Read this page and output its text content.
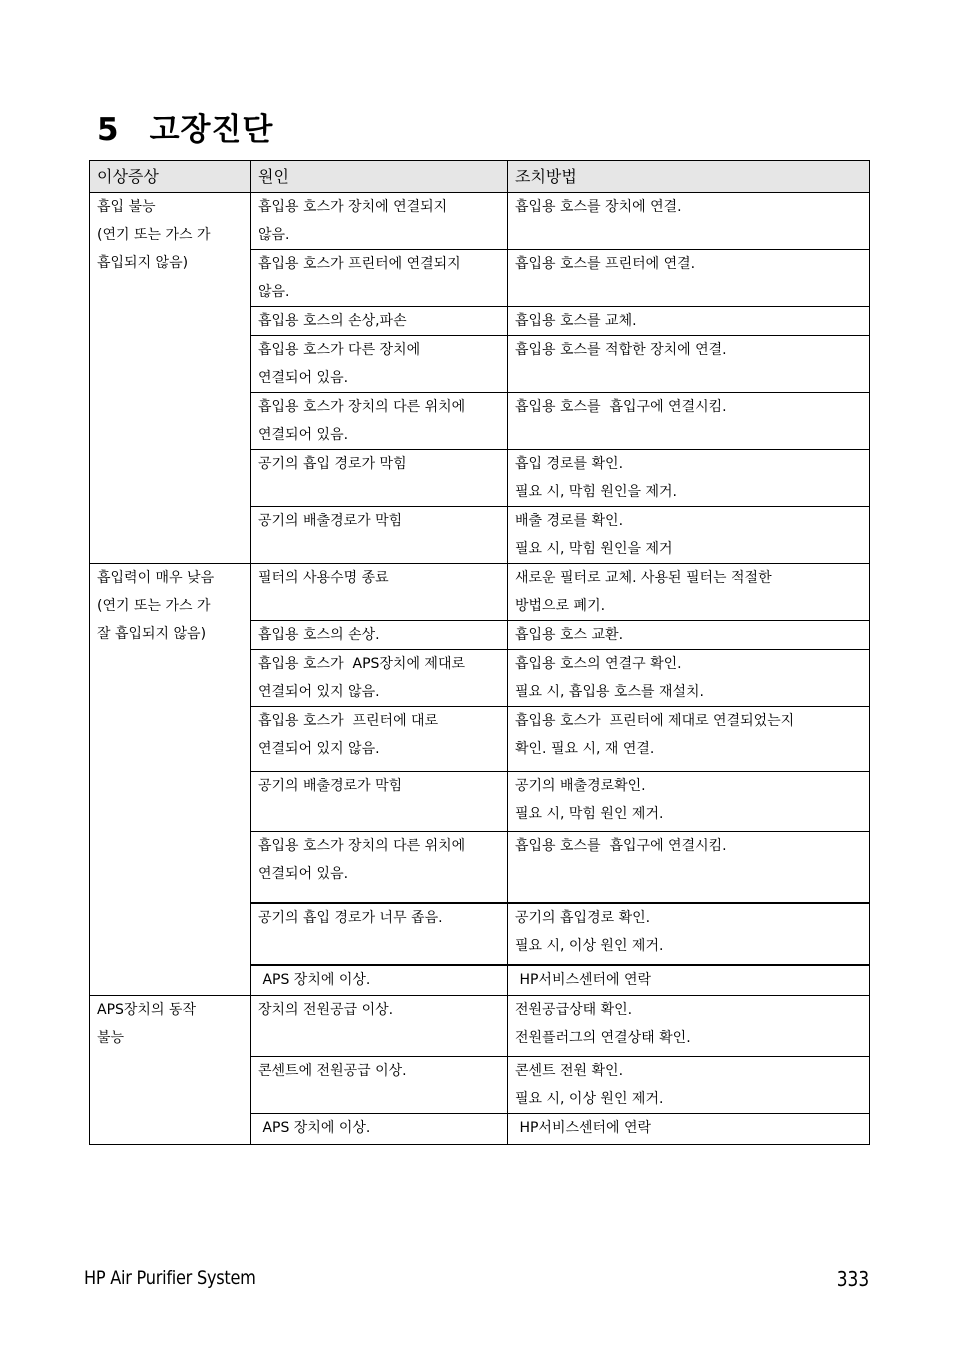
5 고장진단
이상증상	원인	조치방법

흡입 불능
(연기 또는 가스 가
흡입되지 않음)	흡입용 호스가 장치에 연결되지
않음.	흡입용 호스를 장치에 연결.

	흡입용 호스가 프린터에 연결되지
않음.	흡입용 호스를 프린터에 연결.

	흡입용 호스의 손상,파손	흡입용 호스를 교체.

	흡입용 호스가 다른 장치에
연결되어 있음.	흡입용 호스를 적합한 장치에 연결.

	흡입용 호스가 장치의 다른 위치에
연결되어 있음.	흡입용 호스를  흡입구에 연결시킴.

	공기의 흡입 경로가 막힘	흡입 경로를 확인.
필요 시, 막힘 원인을 제거.

	공기의 배출경로가 막힘	배출 경로를 확인.
필요 시, 막힘 원인을 제거

흡입력이 매우 낮음
(연기 또는 가스 가
잘 흡입되지 않음)	필터의 사용수명 종료	새로운 필터로 교체. 사용된 필터는 적절한
방법으로 폐기.

	흡입용 호스의 손상.	흡입용 호스 교환.

	흡입용 호스가  APS장치에 제대로
연결되어 있지 않음.	흡입용 호스의 연결구 확인.
필요 시, 흡입용 호스를 재설치.

	흡입용 호스가  프린터에 대로
연결되어 있지 않음.	흡입용 호스가  프린터에 제대로 연결되었는지
확인. 필요 시, 재 연결.

	공기의 배출경로가 막힘	공기의 배출경로확인.
필요 시, 막힘 원인 제거.

	흡입용 호스가 장치의 다른 위치에
연결되어 있음.	흡입용 호스를  흡입구에 연결시킴.

	공기의 흡입 경로가 너무 좁음.	공기의 흡입경로 확인.
필요 시, 이상 원인 제거.

	APS 장치에 이상.	HP서비스센터에 연락

APS장치의 동작
불능	장치의 전원공급 이상.	전원공급상태 확인.
전원플러그의 연결상태 확인.

	콘센트에 전원공급 이상.	콘센트 전원 확인.
필요 시, 이상 원인 제거.

	APS 장치에 이상.	HP서비스센터에 연락
HP Air Purifier System	333
